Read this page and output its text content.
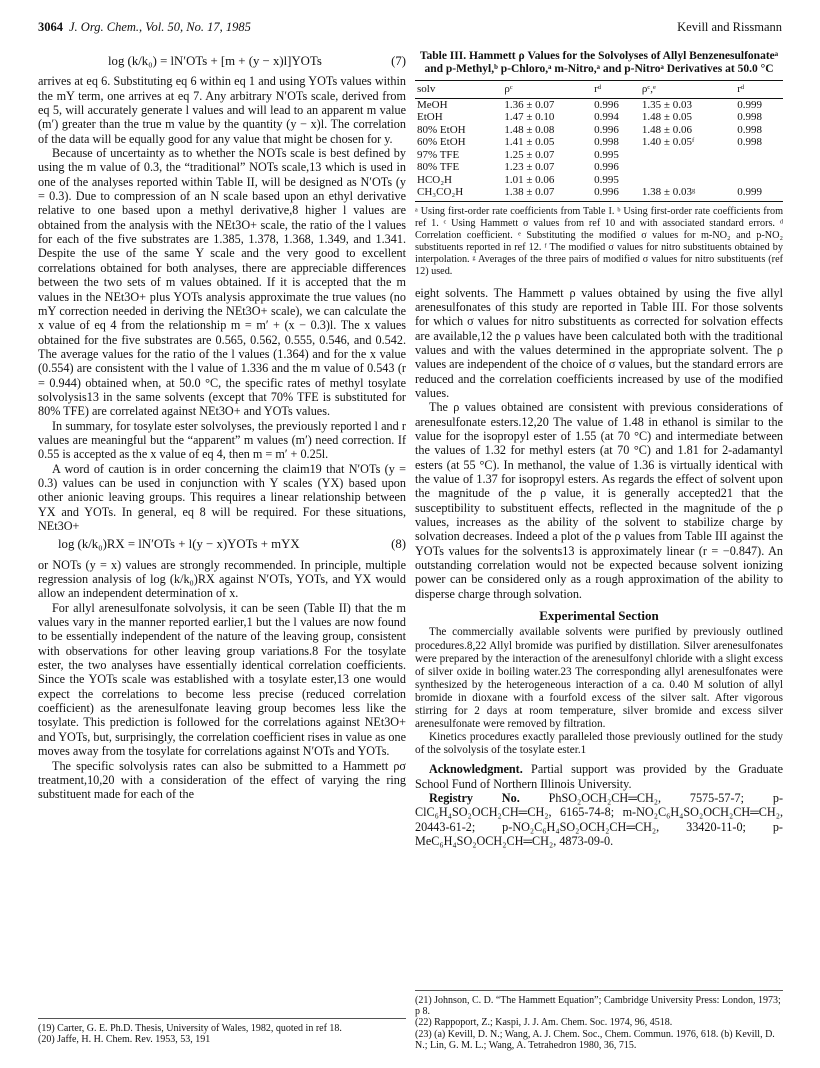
3064 J. Org. Chem., Vol. 50, No. 17, 1985	Kevill and Rissmann
log (k/k₀) = lN′OTs + [m + (y − x)l]YOTs	(7)

arrives at eq 6. Substituting eq 6 within eq 1 and using YOTs values within the mY term, one arrives at eq 7. Any arbitrary N′OTs scale, derived from eq 5, will accurately generate l values and will lead to an apparent m value (m′) greater than the true m value by the quantity (y − x)l. The correlation of the data will be equally good for any value that might be chosen for y.

Because of uncertainty as to whether the NOTs scale is best defined by using the m value of 0.3, the “traditional” NOTs scale,13 which is used in one of the analyses reported within Table II, will be designed as N′OTs (y = 0.3). Due to compression of an N scale based upon an ethyl derivative relative to one based upon a methyl derivative,8 higher l values are obtained from the analysis with the NEt3O+ scale, the ratio of the l values for each of the five substrates are 1.385, 1.378, 1.368, 1.349, and 1.341. Despite the use of the same Y scale and the very good to excellent correlations obtained for both analyses, there are appreciable differences between the two sets of m values obtained. If it is accepted that the m values in the NEt3O+ plus YOTs analysis approximate the true values (no mY correction needed in deriving the NEt3O+ scale), we can calculate the x value of eq 4 from the relationship m = m′ + (x − 0.3)l. The x values obtained for the five substrates are 0.565, 0.562, 0.555, 0.546, and 0.542. The average values for the ratio of the l values (1.364) and for the x value (0.554) are consistent with the l value of 1.336 and the m value of 0.543 (r = 0.944) obtained when, at 50.0 °C, the specific rates of methyl tosylate solvolysis13 in the same solvents (except that 70% TFE is substituted for 80% TFE) are correlated against NEt3O+ and YOTs values.

In summary, for tosylate ester solvolyses, the previously reported l and r values are meaningful but the “apparent” m values (m′) need correction. If 0.55 is accepted as the x value of eq 4, then m = m′ + 0.25l.

A word of caution is in order concerning the claim19 that N′OTs (y = 0.3) values can be used in conjunction with Y scales (YX) based upon other anionic leaving groups. This requires a linear relationship between YX and YOTs. In general, eq 8 will be required. For these situations, NEt3O+

log (k/k₀)RX = lN′OTs + l(y − x)YOTs + mYX	(8)

or NOTs (y = x) values are strongly recommended. In principle, multiple regression analysis of log (k/k₀)RX against N′OTs, YOTs, and YX would allow an independent determination of x.

For allyl arenesulfonate solvolysis, it can be seen (Table II) that the m values vary in the manner reported earlier,1 but the l values are now found to be essentially independent of the nature of the leaving group, consistent with observations for other leaving group variations.8 For the tosylate ester, the two analyses have essentially identical correlation coefficients. Since the YOTs scale was established with a tosylate ester,13 one would expect the correlations to become less precise (reduced correlation coefficient) as the arenesulfonate leaving group becomes less like the tosylate. This prediction is followed for the correlations against NEt3O+ and YOTs, but, surprisingly, the correlation coefficient rises in value as one moves away from the tosylate for correlations against N′OTs and YOTs.

The specific solvolysis rates can also be submitted to a Hammett ρσ treatment,10,20 with a consideration of the effect of varying the ring substituent made for each of the

(19) Carter, G. E. Ph.D. Thesis, University of Wales, 1982, quoted in ref 18.
(20) Jaffe, H. H. Chem. Rev. 1953, 53, 191
Table III. Hammett ρ Values for the Solvolyses of Allyl Benzenesulfonateᵃ and p-Methyl,ᵇ p-Chloro,ᵃ m-Nitro,ᵃ and p-Nitroᵃ Derivatives at 50.0 °C
solv	ρᶜ	rᵈ	ρᶜ,ᵉ	rᵈ
MeOH	1.36 ± 0.07	0.996	1.35 ± 0.03	0.999
EtOH	1.47 ± 0.10	0.994	1.48 ± 0.05	0.998
80% EtOH	1.48 ± 0.08	0.996	1.48 ± 0.06	0.998
60% EtOH	1.41 ± 0.05	0.998	1.40 ± 0.05ᶠ	0.998
97% TFE	1.25 ± 0.07	0.995		
80% TFE	1.23 ± 0.07	0.996		
HCO₂H	1.01 ± 0.06	0.995		
CH₃CO₂H	1.38 ± 0.07	0.996	1.38 ± 0.03ᵍ	0.999
ᵃ Using first-order rate coefficients from Table I. ᵇ Using first-order rate coefficients from ref 1. ᶜ Using Hammett σ values from ref 10 and with associated standard errors. ᵈ Correlation coefficient. ᵉ Substituting the modified σ values for m-NO₂ and p-NO₂ substituents reported in ref 12. ᶠ The modified σ values for nitro substituents obtained by interpolation. ᵍ Averages of the three pairs of modified σ values for nitro substituents (ref 12) used.

eight solvents. The Hammett ρ values obtained by using the five allyl arenesulfonates of this study are reported in Table III. For those solvents for which σ values for nitro substituents as corrected for solvation effects are available,12 the ρ values have been calculated both with the traditional values and with the values determined in the appropriate solvent. The ρ values are independent of the choice of σ values, but the standard errors are reduced and the correlation coefficients increased by use of the modified values.

The ρ values obtained are consistent with previous considerations of arenesulfonate esters.12,20 The value of 1.48 in ethanol is similar to the value for the isopropyl ester of 1.55 (at 70 °C) and intermediate between the values of 1.32 for methyl esters (at 70 °C) and 1.81 for 2-adamantyl esters (at 55 °C). In methanol, the value of 1.36 is virtually identical with the value of 1.37 for isopropyl esters. As regards the effect of solvent upon the magnitude of the ρ value, it is generally accepted21 that the susceptibility to substituent effects, reflected in the magnitude of the ρ values, increases as the ability of the solvent to stabilize charge by solvation decreases. Indeed a plot of the ρ values from Table III against the YOTs values for the solvents13 is approximately linear (r = −0.847). An outstanding correlation would not be expected because solvent ionizing power can be considered only as a rough approximation of the ability to disperse charge through solvation.

Experimental Section

The commercially available solvents were purified by previously outlined procedures.8,22 Allyl bromide was purified by distillation. Silver arenesulfonates were prepared by the interaction of the arenesulfonyl chloride with a slight excess of silver oxide in boiling water.23 The corresponding allyl arenesulfonates were synthesized by the heterogeneous interaction of a ca. 0.40 M solution of allyl bromide in dioxane with a fourfold excess of the silver salt. After vigorous stirring for 2 days at room temperature, silver bromide and excess silver arenesulfonate were removed by filtration.

Kinetics procedures exactly paralleled those previously outlined for the study of the solvolysis of the tosylate ester.1

Acknowledgment. Partial support was provided by the Graduate School Fund of Northern Illinois University.

Registry No. PhSO₂OCH₂CH═CH₂, 7575-57-7; p-ClC₆H₄SO₂OCH₂CH═CH₂, 6165-74-8; m-NO₂C₆H₄SO₂OCH₂CH═CH₂, 20443-61-2; p-NO₂C₆H₄SO₂OCH₂CH═CH₂, 33420-11-0; p-MeC₆H₄SO₂OCH₂CH═CH₂, 4873-09-0.

(21) Johnson, C. D. “The Hammett Equation”; Cambridge University Press: London, 1973; p 8.
(22) Rappoport, Z.; Kaspi, J. J. Am. Chem. Soc. 1974, 96, 4518.
(23) (a) Kevill, D. N.; Wang, A. J. Chem. Soc., Chem. Commun. 1976, 618. (b) Kevill, D. N.; Lin, G. M. L.; Wang, A. Tetrahedron 1980, 36, 715.
